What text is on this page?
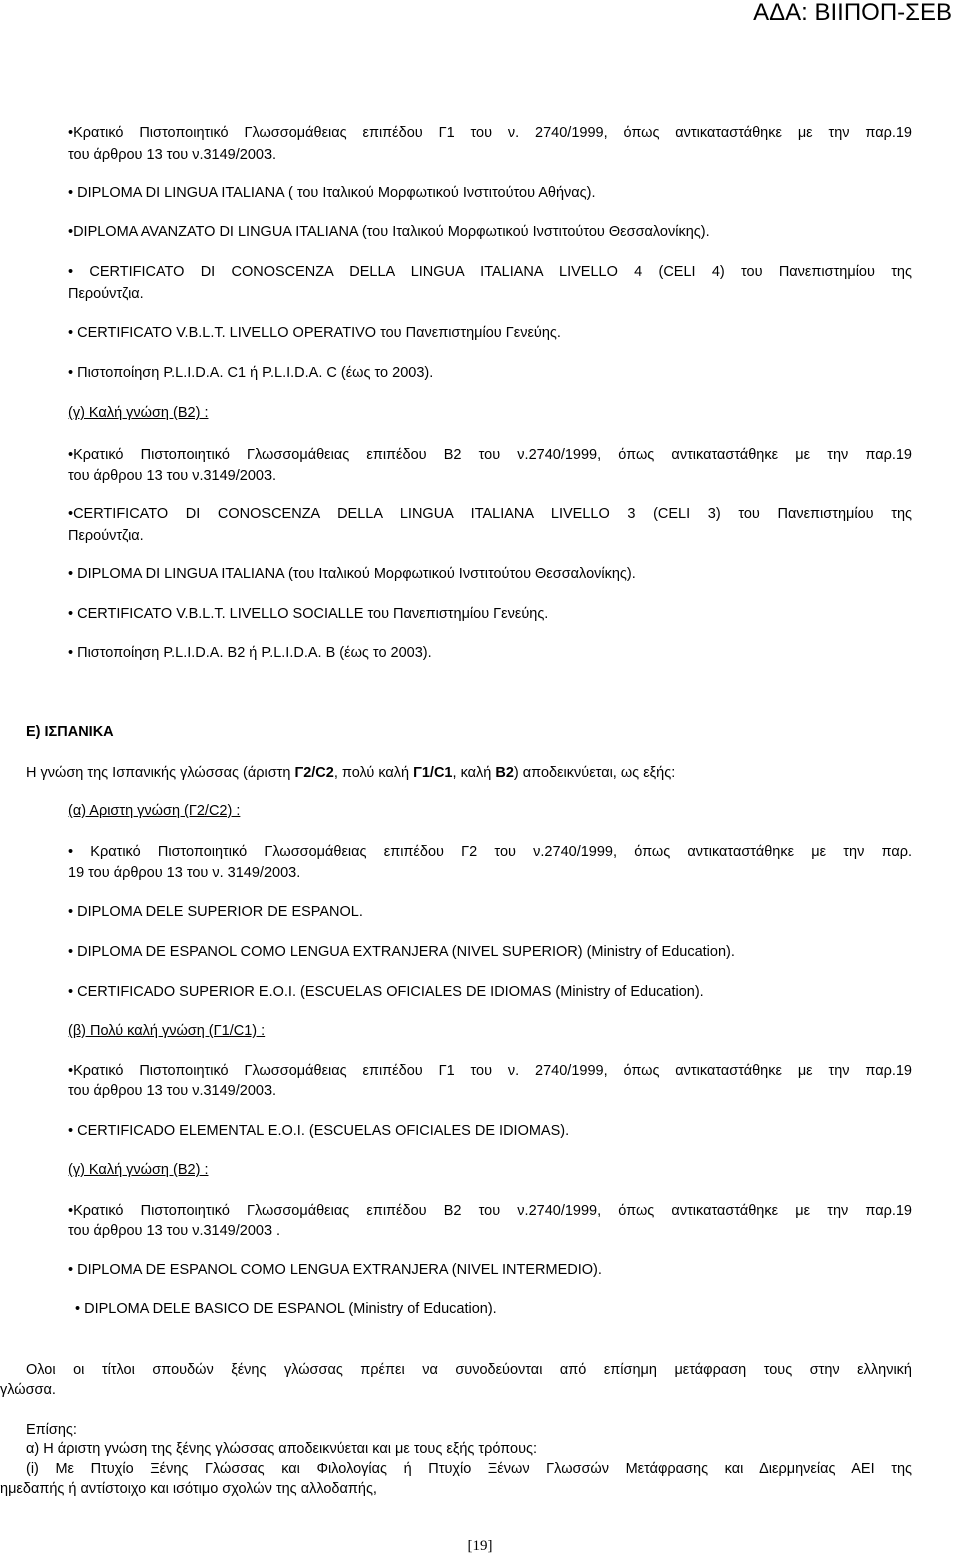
ΑΔΑ: ΒΙΙΠΟΠ-ΣΕΒ
•Κρατικό Πιστοποιητικό Γλωσσομάθειας επιπέδου Γ1 του ν. 2740/1999, όπως αντικαταστάθηκε με την παρ.19
του άρθρου 13 του ν.3149/2003.
• DIPLOMA DI LINGUA ITALIANA ( του Ιταλικού Μορφωτικού Ινστιτούτου Αθήνας).
•DIPLOMA AVANZATO DI LINGUA ITALIANA (του Ιταλικού Μορφωτικού Ινστιτούτου Θεσσαλονίκης).
• CERTIFICATO DI CONOSCENZA DELLA LINGUA ITALIANA LIVELLO 4 (CELI 4) του Πανεπιστημίου της
Περούντζια.
• CERTIFICATO V.B.L.T. LIVELLO OPERATIVO του Πανεπιστημίου Γενεύης.
• Πιστοποίηση P.L.I.D.A. C1 ή P.L.I.D.A. C (έως το 2003).
(γ) Καλή γνώση (Β2) :
•Κρατικό Πιστοποιητικό Γλωσσομάθειας επιπέδου Β2 του ν.2740/1999, όπως αντικαταστάθηκε με την παρ.19
του άρθρου 13 του ν.3149/2003.
•CERTIFICATO DI CONOSCENZA DELLA LINGUA ITALIANA LIVELLO 3 (CELI 3) του Πανεπιστημίου της
Περούντζια.
• DIPLOMA DI LINGUA ITALIANA (του Ιταλικού Μορφωτικού Ινστιτούτου Θεσσαλονίκης).
• CERTIFICATO V.B.L.T. LIVELLO SOCIALLE του Πανεπιστημίου Γενεύης.
• Πιστοποίηση P.L.I.D.A. B2 ή P.L.I.D.A. B (έως το 2003).
Ε) ΙΣΠΑΝΙΚΑ
Η γνώση της Ισπανικής γλώσσας (άριστη Γ2/C2, πολύ καλή Γ1/C1, καλή Β2) αποδεικνύεται, ως εξής:
(α) Αριστη γνώση (Γ2/C2) :
• Κρατικό Πιστοποιητικό Γλωσσομάθειας επιπέδου Γ2 του ν.2740/1999, όπως αντικαταστάθηκε με την παρ.
19 του άρθρου 13 του ν. 3149/2003.
• DIPLOMA DELE SUPERIOR DE ESPANOL.
• DIPLOMA DE ESPANOL COMO LENGUA EXTRANJERA (NIVEL SUPERIOR) (Ministry of Education).
• CERTIFICADO SUPERIOR E.O.I. (ESCUELAS OFICIALES DE IDIOMAS (Ministry of Education).
(β) Πολύ καλή γνώση (Γ1/C1) :
•Κρατικό Πιστοποιητικό Γλωσσομάθειας επιπέδου Γ1 του ν. 2740/1999, όπως αντικαταστάθηκε με την παρ.19
του άρθρου 13 του ν.3149/2003.
• CERTIFICADO ELEMENTAL E.O.I. (ESCUELAS OFICIALES DE IDIOMAS).
(γ) Καλή γνώση (Β2) :
•Κρατικό Πιστοποιητικό Γλωσσομάθειας επιπέδου Β2 του ν.2740/1999, όπως αντικαταστάθηκε με την παρ.19
του άρθρου 13 του ν.3149/2003 .
• DIPLOMA DE ESPANOL COMO LENGUA EXTRANJERA (NIVEL INTERMEDIO).
• DIPLOMA DELE BASICO DE ESPANOL (Ministry of Education).
Ολοι οι τίτλοι σπουδών ξένης γλώσσας πρέπει να συνοδεύονται από επίσημη μετάφραση τους στην ελληνική
γλώσσα.
Επίσης:
α) Η άριστη γνώση της ξένης γλώσσας αποδεικνύεται και με τους εξής τρόπους:
(i) Με Πτυχίο Ξένης Γλώσσας και Φιλολογίας ή Πτυχίο Ξένων Γλωσσών Μετάφρασης και Διερμηνείας ΑΕΙ της
ημεδαπής ή αντίστοιχο και ισότιμο σχολών της αλλοδαπής,
[19]
